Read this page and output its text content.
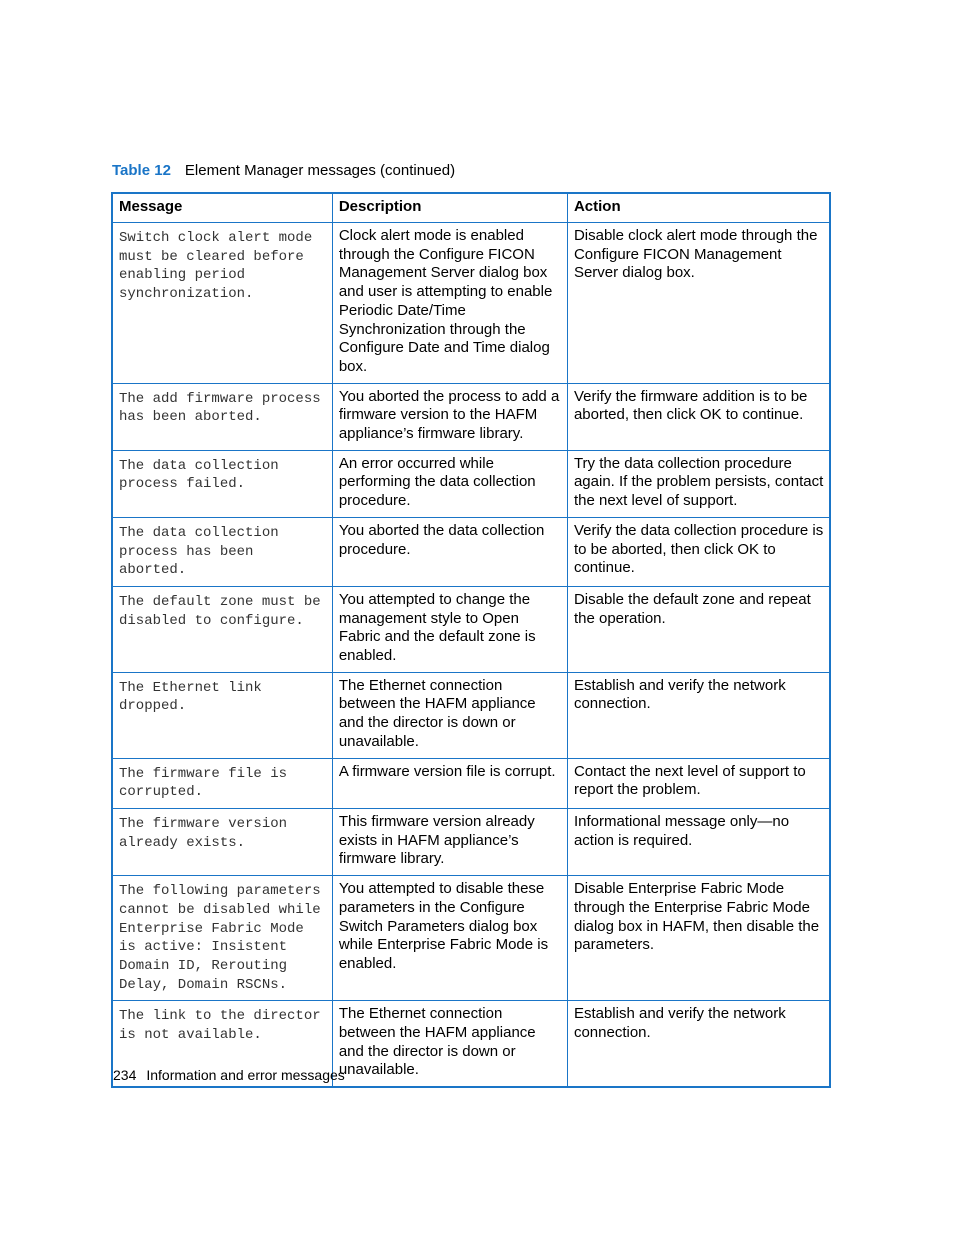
Table 12 Element Manager messages (continued)
Message	Description	Action
Switch clock alert mode must be cleared before enabling period synchronization.	Clock alert mode is enabled through the Configure FICON Management Server dialog box and user is attempting to enable Periodic Date/Time Synchronization through the Configure Date and Time dialog box.	Disable clock alert mode through the Configure FICON Management Server dialog box.
The add firmware process has been aborted.	You aborted the process to add a firmware version to the HAFM appliance’s firmware library.	Verify the firmware addition is to be aborted, then click OK to continue.
The data collection process failed.	An error occurred while performing the data collection procedure.	Try the data collection procedure again. If the problem persists, contact the next level of support.
The data collection process has been aborted.	You aborted the data collection procedure.	Verify the data collection procedure is to be aborted, then click OK to continue.
The default zone must be disabled to configure.	You attempted to change the management style to Open Fabric and the default zone is enabled.	Disable the default zone and repeat the operation.
The Ethernet link dropped.	The Ethernet connection between the HAFM appliance and the director is down or unavailable.	Establish and verify the network connection.
The firmware file is corrupted.	A firmware version file is corrupt.	Contact the next level of support to report the problem.
The firmware version already exists.	This firmware version already exists in HAFM appliance’s firmware library.	Informational message only—no action is required.
The following parameters cannot be disabled while Enterprise Fabric Mode is active: Insistent Domain ID, Rerouting Delay, Domain RSCNs.	You attempted to disable these parameters in the Configure Switch Parameters dialog box while Enterprise Fabric Mode is enabled.	Disable Enterprise Fabric Mode through the Enterprise Fabric Mode dialog box in HAFM, then disable the parameters.
The link to the director is not available.	The Ethernet connection between the HAFM appliance and the director is down or unavailable.	Establish and verify the network connection.
234 Information and error messages
